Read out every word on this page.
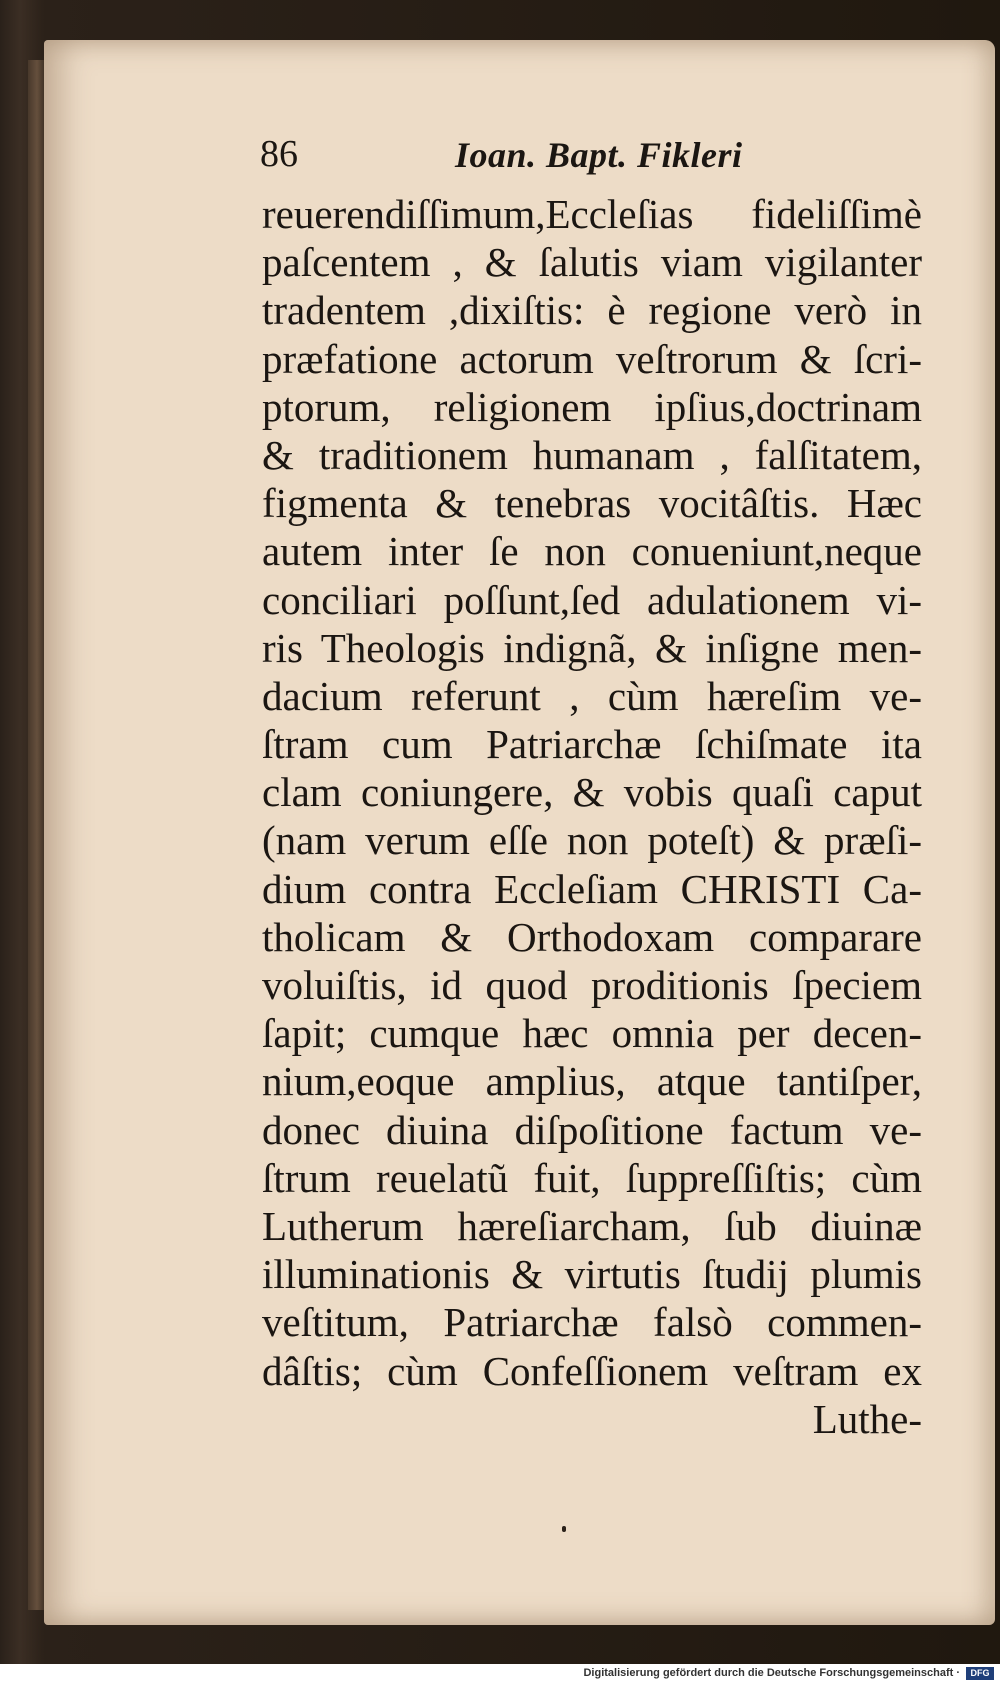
86	Ioan. Bapt. Fikleri
reuerendiſſimum,Eccleſias fideliſſimè
paſcentem , & ſalutis viam vigilanter
tradentem ,dixiſtis: è regione verò in
præfatione actorum veſtrorum & ſcri-
ptorum, religionem ipſius,doctrinam
& traditionem humanam , falſitatem,
figmenta & tenebras vocitâſtis. Hæc
autem inter ſe non conueniunt,neque
conciliari poſſunt,ſed adulationem vi-
ris Theologis indignã, & inſigne men-
dacium referunt , cùm hæreſim ve-
ſtram cum Patriarchæ ſchiſmate ita
clam coniungere, & vobis quaſi caput
(nam verum eſſe non poteſt) & præſi-
dium contra Eccleſiam CHRISTI Ca-
tholicam & Orthodoxam comparare
voluiſtis, id quod proditionis ſpeciem
ſapit; cumque hæc omnia per decen-
nium,eoque amplius, atque tantiſper,
donec diuina diſpoſitione factum ve-
ſtrum reuelatũ fuit, ſuppreſſiſtis; cùm
Lutherum hæreſiarcham, ſub diuinæ
illuminationis & virtutis ſtudij plumis
veſtitum, Patriarchæ falsò commen-
dâſtis; cùm Confeſſionem veſtram ex
Luthe-
Digitalisierung gefördert durch die Deutsche Forschungsgemeinschaft ·	DFG
